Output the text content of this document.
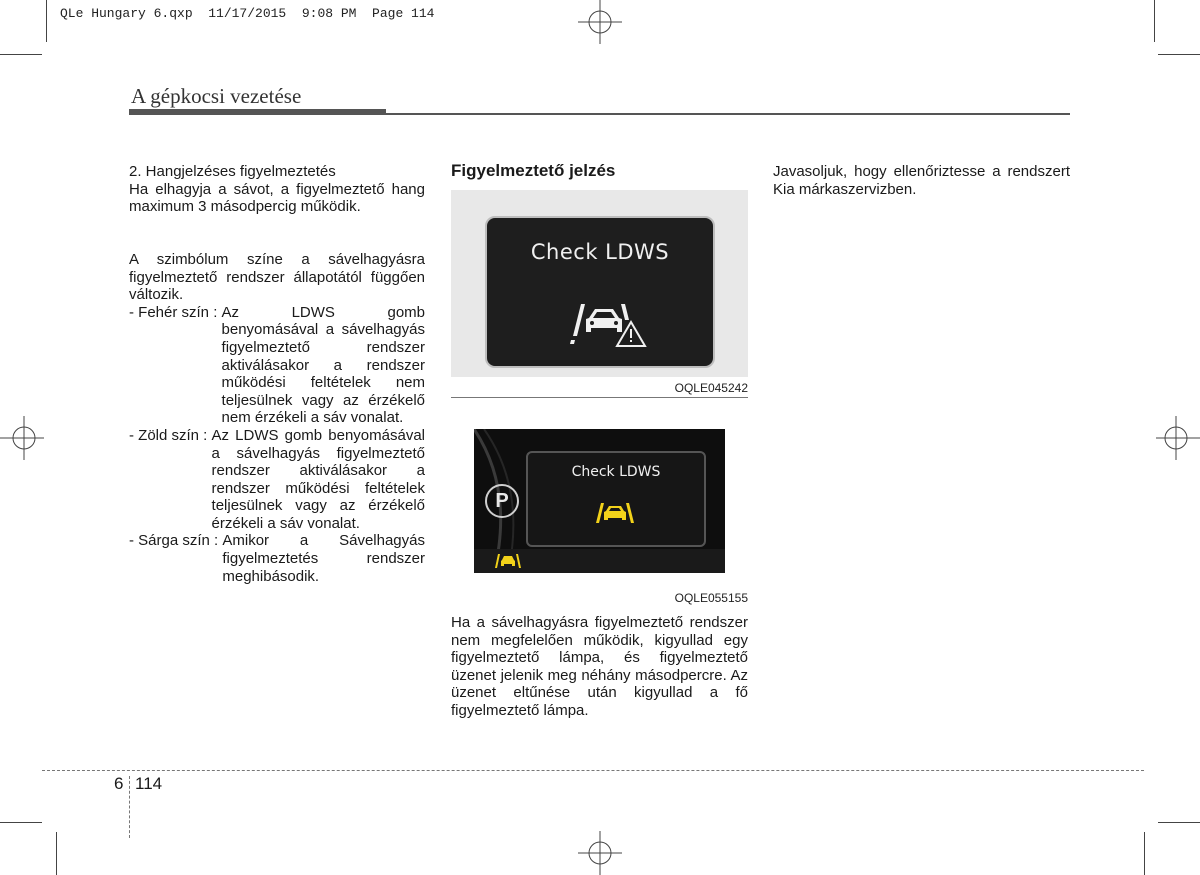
QLe Hungary 6.qxp  11/17/2015  9:08 PM  Page 114
A gépkocsi vezetése

2. Hangjelzéses figyelmeztetés

Ha elhagyja a sávot, a figyelmeztető hang maximum 3 másodpercig működik.

A szimbólum színe a sávelhagyásra figyelmeztető rendszer állapotától függően változik.

- Fehér szín : Az LDWS gomb benyomásával a sávelhagyás figyelmeztető rendszer aktiválásakor a rendszer működési feltételek nem teljesülnek vagy az érzékelő nem érzékeli a sáv vonalat.
- Zöld szín : Az LDWS gomb benyomásával a sávelhagyás figyelmeztető rendszer aktiválásakor a rendszer működési feltételek teljesülnek vagy az érzékelő érzékeli a sáv vonalat.
- Sárga szín : Amikor a Sávelhagyás figyelmeztetés rendszer meghibásodik.
Figyelmeztető jelzés
Check LDWS
OQLE045242
P
Check LDWS
OQLE055155
Ha a sávelhagyásra figyelmeztető rendszer nem megfelelően működik, kigyullad egy figyelmeztető lámpa, és figyelmeztető üzenet jelenik meg néhány másodpercre. Az üzenet eltűnése után kigyullad a fő figyelmeztető lámpa.
Javasoljuk, hogy ellenőriztesse a rendszert Kia márkaszervizben.
6 114
